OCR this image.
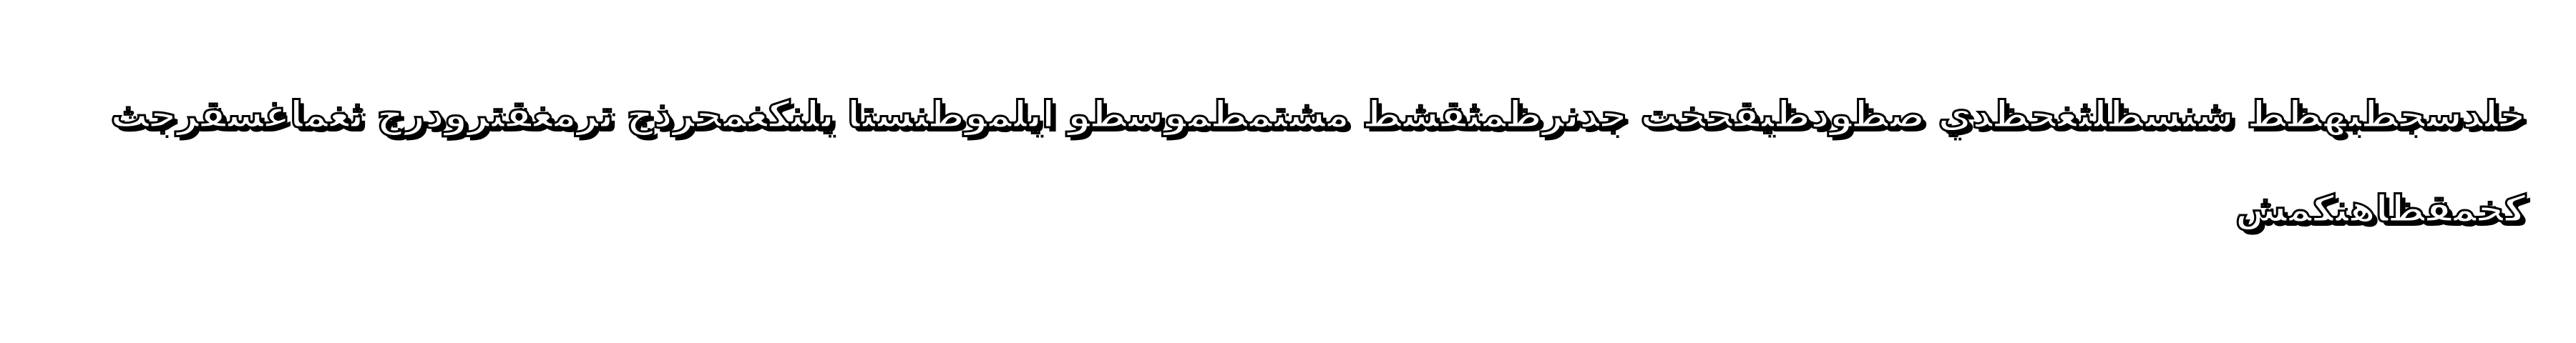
خلدسجطبهظط شنسظلثغحظدي صظودظيقحخت جدنرظمثقشط مشتمطموسطو ايلموطنستا يلنكغمحرذج ترمغقترودرج ثغماغسقرجث
كخمقظاهنكمش
